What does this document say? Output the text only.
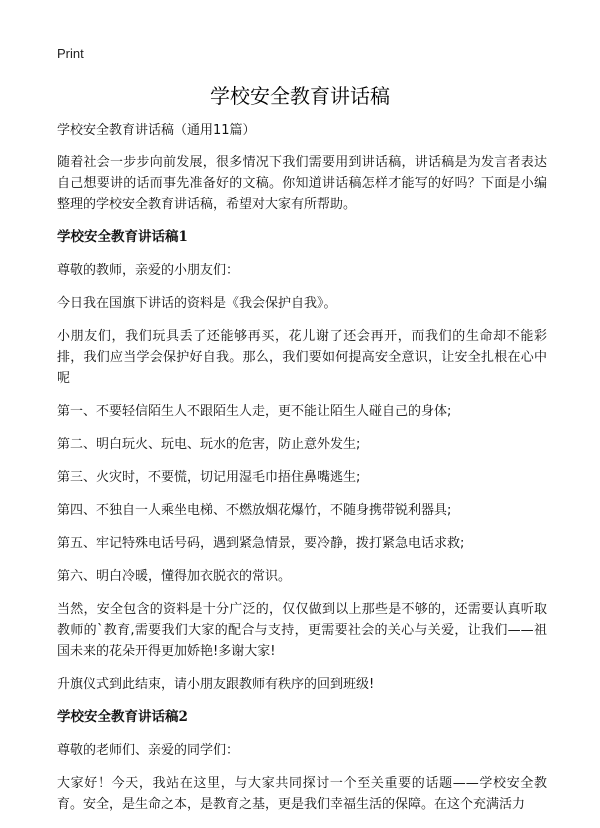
Print
学校安全教育讲话稿

学校安全教育讲话稿（通用11篇）

随着社会一步步向前发展，很多情况下我们需要用到讲话稿，讲话稿是为发言者表达自己想要讲的话而事先准备好的文稿。你知道讲话稿怎样才能写的好吗？下面是小编整理的学校安全教育讲话稿，希望对大家有所帮助。

学校安全教育讲话稿1

尊敬的教师，亲爱的小朋友们：

今日我在国旗下讲话的资料是《我会保护自我》。

小朋友们，我们玩具丢了还能够再买，花儿谢了还会再开，而我们的生命却不能彩排，我们应当学会保护好自我。那么，我们要如何提高安全意识，让安全扎根在心中呢

第一、不要轻信陌生人不跟陌生人走，更不能让陌生人碰自己的身体;

第二、明白玩火、玩电、玩水的危害，防止意外发生;

第三、火灾时，不要慌，切记用湿毛巾捂住鼻嘴逃生;

第四、不独自一人乘坐电梯、不燃放烟花爆竹，不随身携带锐利器具;

第五、牢记特殊电话号码，遇到紧急情景，要冷静，拨打紧急电话求救;

第六、明白冷暖，懂得加衣脱衣的常识。

当然，安全包含的资料是十分广泛的，仅仅做到以上那些是不够的，还需要认真听取教师的`教育,需要我们大家的配合与支持，更需要社会的关心与关爱，让我们——祖国未来的花朵开得更加娇艳!多谢大家!

升旗仪式到此结束，请小朋友跟教师有秩序的回到班级!

学校安全教育讲话稿2

尊敬的老师们、亲爱的同学们：

大家好！今天，我站在这里，与大家共同探讨一个至关重要的话题——学校安全教育。安全，是生命之本，是教育之基，更是我们幸福生活的保障。在这个充满活力
